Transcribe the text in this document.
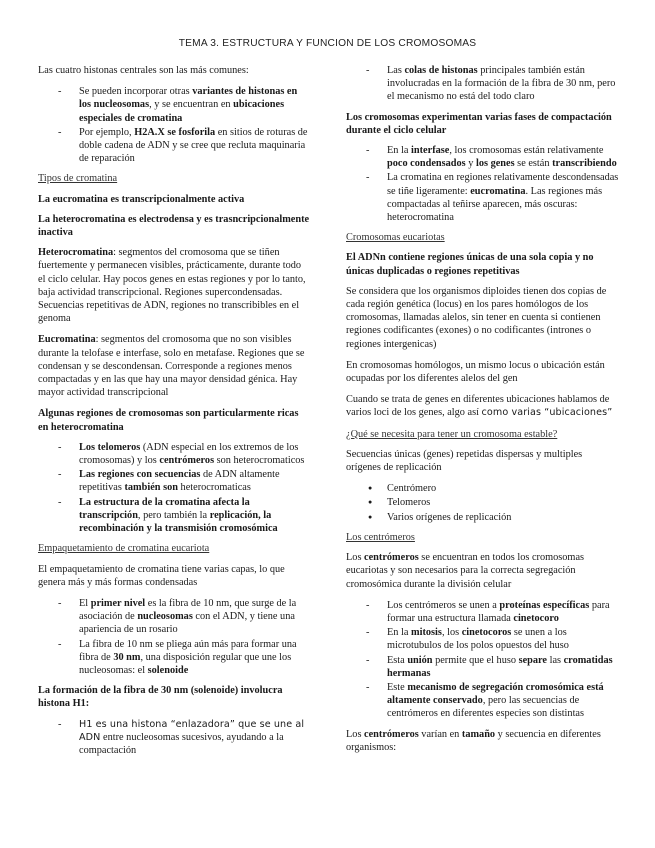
TEMA 3. ESTRUCTURA Y FUNCION DE LOS CROMOSOMAS

Las cuatro histonas centrales son las más comunes:

- Se pueden incorporar otras variantes de histonas en los nucleosomas, y se encuentran en ubicaciones especiales de cromatina
- Por ejemplo, H2A.X se fosforila en sitios de roturas de doble cadena de ADN y se cree que recluta maquinaria de reparación
Tipos de cromatina

La eucromatina es transcripcionalmente activa

La heterocromatina es electrodensa y es trasncripcionalmente inactiva

Heterocromatina: segmentos del cromosoma que se tiñen fuertemente y permanecen visibles, prácticamente, durante todo el ciclo celular. Hay pocos genes en estas regiones y por lo tanto, baja actividad transcripcional. Regiones supercondensadas. Secuencias repetitivas de ADN, regiones no transcribibles en el genoma

Eucromatina: segmentos del cromosoma que no son visibles durante la telofase e interfase, solo en metafase. Regiones que se condensan y se descondensan. Corresponde a regiones menos compactadas y en las que hay una mayor densidad génica. Hay mayor actividad transcripcional

Algunas regiones de cromosomas son particularmente ricas en heterocromatina

- Los telomeros (ADN especial en los extremos de los cromosomas) y los centrómeros son heterocromaticos
- Las regiones con secuencias de ADN altamente repetitivas también son heterocromaticas
- La estructura de la cromatina afecta la transcripción, pero también la replicación, la recombinación y la transmisión cromosómica
Empaquetamiento de cromatina eucariota

El empaquetamiento de cromatina tiene varias capas, lo que genera más y más formas condensadas

- El primer nivel es la fibra de 10 nm, que surge de la asociación de nucleosomas con el ADN, y tiene una apariencia de un rosario
- La fibra de 10 nm se pliega aún más para formar una fibra de 30 nm, una disposición regular que une los nucleosomas: el solenoide

La formación de la fibra de 30 nm (solenoide) involucra histona H1:

- H1 es una histona “enlazadora” que se une al ADN entre nucleosomas sucesivos, ayudando a la compactación
- Las colas de histonas principales también están involucradas en la formación de la fibra de 30 nm, pero el mecanismo no está del todo claro

Los cromosomas experimentan varias fases de compactación durante el ciclo celular

- En la interfase, los cromosomas están relativamente poco condensados y los genes se están transcribiendo
- La cromatina en regiones relativamente descondensadas se tiñe ligeramente: eucromatina. Las regiones más compactadas al teñirse aparecen, más oscuras: heterocromatina
Cromosomas eucariotas

El ADNn contiene regiones únicas de una sola copia y no únicas duplicadas o regiones repetitivas

Se considera que los organismos diploides tienen dos copias de cada región genética (locus) en los pares homólogos de los cromosomas, llamadas alelos, sin tener en cuenta si contienen regiones codificantes (exones) o no codificantes (intrones o regiones intergenicas)

En cromosomas homólogos, un mismo locus o ubicación están ocupadas por los diferentes alelos del gen

Cuando se trata de genes en diferentes ubicaciones hablamos de varios loci de los genes, algo así como varias “ubicaciones”

¿Qué se necesita para tener un cromosoma estable?

Secuencias únicas (genes) repetidas dispersas y multiples orígenes de replicación

● Centrómero
● Telomeros
● Varios orígenes de replicación
Los centrómeros

Los centrómeros se encuentran en todos los cromosomas eucariotas y son necesarios para la correcta segregación cromosómica durante la división celular

- Los centrómeros se unen a proteínas específicas para formar una estructura llamada cinetocoro
- En la mitosis, los cinetocoros se unen a los microtubulos de los polos opuestos del huso
- Esta unión permite que el huso separe las cromatidas hermanas
- Este mecanismo de segregación cromosómica está altamente conservado, pero las secuencias de centrómeros en diferentes especies son distintas

Los centrómeros varían en tamaño y secuencia en diferentes organismos:
